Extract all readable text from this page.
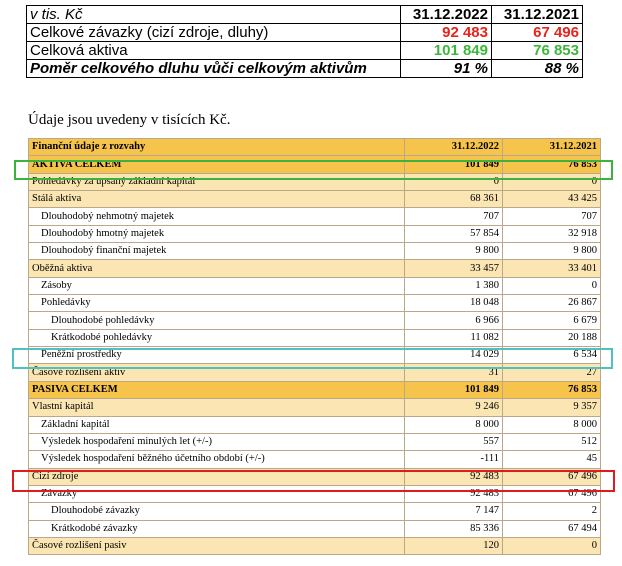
v tis. Kč	31.12.2022	31.12.2021
Celkové závazky (cizí zdroje, dluhy)	92 483	67 496
Celková aktiva	101 849	76 853
Poměr celkového dluhu vůči celkovým aktivům	91 %	88 %
Údaje jsou uvedeny v tisících Kč.
Finanční údaje z rozvahy	31.12.2022	31.12.2021
AKTIVA CELKEM	101 849	76 853
Pohledávky za upsaný základní kapitál	0	0
Stálá aktiva	68 361	43 425
Dlouhodobý nehmotný majetek	707	707
Dlouhodobý hmotný majetek	57 854	32 918
Dlouhodobý finanční majetek	9 800	9 800
Oběžná aktiva	33 457	33 401
Zásoby	1 380	0
Pohledávky	18 048	26 867
Dlouhodobé pohledávky	6 966	6 679
Krátkodobé pohledávky	11 082	20 188
Peněžní prostředky	14 029	6 534
Časové rozlišení aktiv	31	27
PASIVA CELKEM	101 849	76 853
Vlastní kapitál	9 246	9 357
Základní kapitál	8 000	8 000
Výsledek hospodaření minulých let (+/-)	557	512
Výsledek hospodaření běžného účetního období (+/-)	-111	45
Cizí zdroje	92 483	67 496
Závazky	92 483	67 496
Dlouhodobé závazky	7 147	2
Krátkodobé závazky	85 336	67 494
Časové rozlišení pasiv	120	0
